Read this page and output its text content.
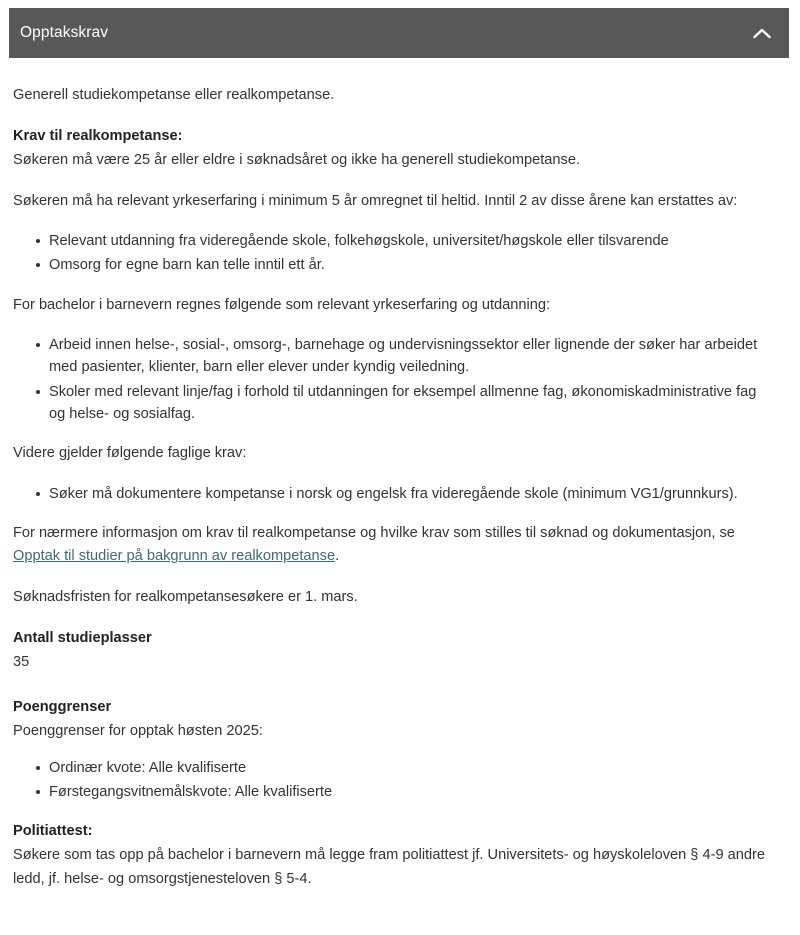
Opptakskrav

Generell studiekompetanse eller realkompetanse.

Krav til realkompetanse:

Søkeren må være 25 år eller eldre i søknadsåret og ikke ha generell studiekompetanse.

Søkeren må ha relevant yrkeserfaring i minimum 5 år omregnet til heltid. Inntil 2 av disse årene kan erstattes av:

Relevant utdanning fra videregående skole, folkehøgskole, universitet/høgskole eller tilsvarende
Omsorg for egne barn kan telle inntil ett år.

For bachelor i barnevern regnes følgende som relevant yrkeserfaring og utdanning:

Arbeid innen helse-, sosial-, omsorg-, barnehage og undervisningssektor eller lignende der søker har arbeidet med pasienter, klienter, barn eller elever under kyndig veiledning.
Skoler med relevant linje/fag i forhold til utdanningen for eksempel allmenne fag, økonomiskadministrative fag og helse- og sosialfag.

Videre gjelder følgende faglige krav:

Søker må dokumentere kompetanse i norsk og engelsk fra videregående skole (minimum VG1/grunnkurs).

For nærmere informasjon om krav til realkompetanse og hvilke krav som stilles til søknad og dokumentasjon, se Opptak til studier på bakgrunn av realkompetanse.

Søknadsfristen for realkompetansesøkere er 1. mars.

Antall studieplasser

35

Poenggrenser

Poenggrenser for opptak høsten 2025:

Ordinær kvote: Alle kvalifiserte
Førstegangsvitnemålskvote: Alle kvalifiserte
Politiattest:

Søkere som tas opp på bachelor i barnevern må legge fram politiattest jf. Universitets- og høyskoleloven § 4-9 andre ledd, jf. helse- og omsorgstjenesteloven § 5-4.
